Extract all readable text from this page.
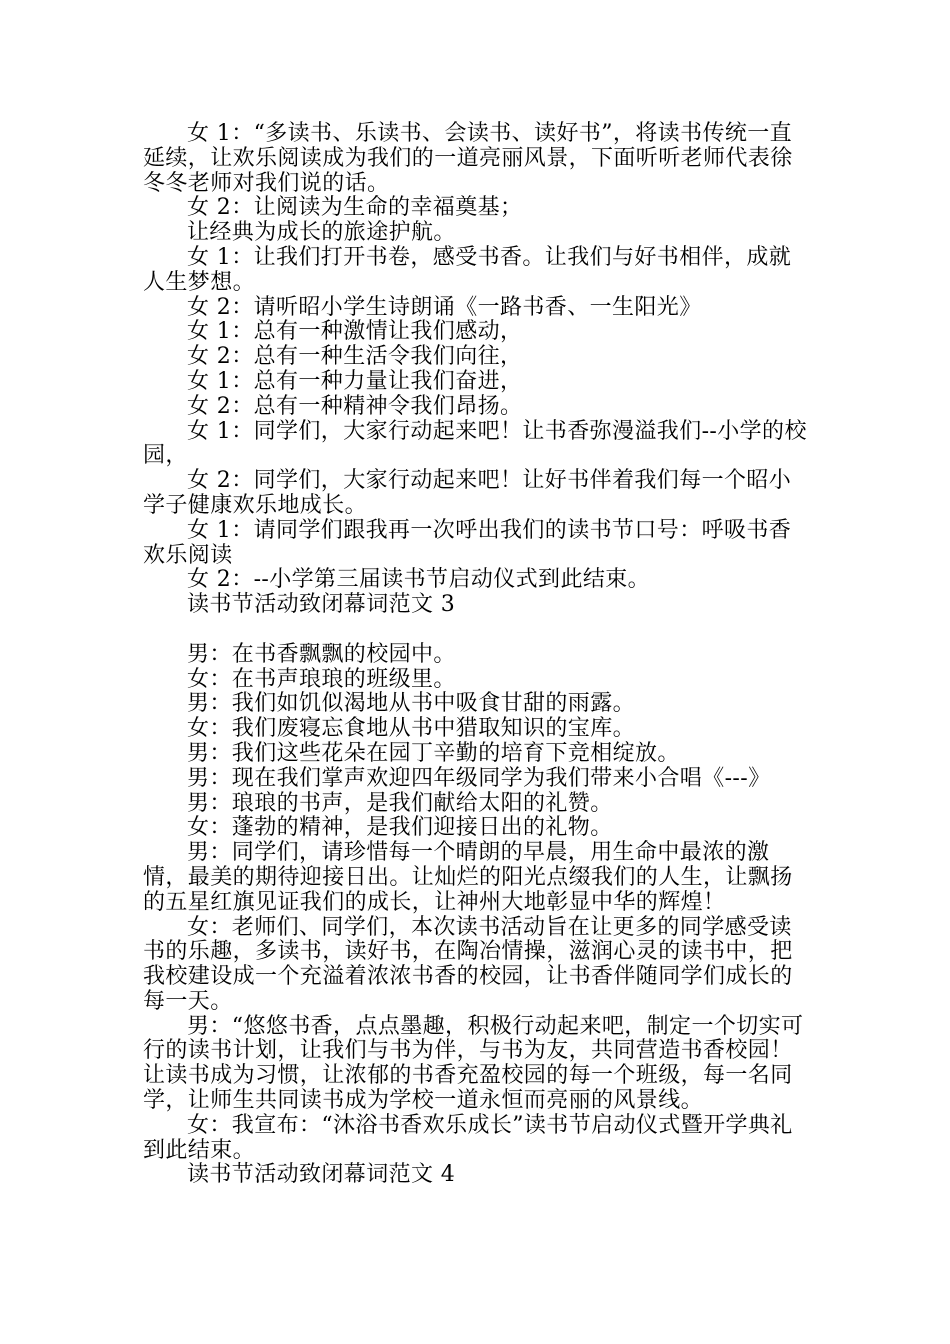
女 1：“多读书、乐读书、会读书、读好书”，将读书传统一直延续，让欢乐阅读成为我们的一道亮丽风景，下面听听老师代表徐冬冬老师对我们说的话。

女 2：让阅读为生命的幸福奠基；

让经典为成长的旅途护航。

女 1：让我们打开书卷，感受书香。让我们与好书相伴，成就人生梦想。

女 2：请听昭小学生诗朗诵《一路书香、一生阳光》

女 1：总有一种激情让我们感动，

女 2：总有一种生活令我们向往，

女 1：总有一种力量让我们奋进，

女 2：总有一种精神令我们昂扬。

女 1：同学们，大家行动起来吧！让书香弥漫溢我们--小学的校园，

女 2：同学们，大家行动起来吧！让好书伴着我们每一个昭小学子健康欢乐地成长。

女 1：请同学们跟我再一次呼出我们的读书节口号：呼吸书香欢乐阅读

女 2：--小学第三届读书节启动仪式到此结束。

读书节活动致闭幕词范文 3

男：在书香飘飘的校园中。

女：在书声琅琅的班级里。

男：我们如饥似渴地从书中吸食甘甜的雨露。

女：我们废寝忘食地从书中猎取知识的宝库。

男：我们这些花朵在园丁辛勤的培育下竞相绽放。

男：现在我们掌声欢迎四年级同学为我们带来小合唱《---》

男：琅琅的书声，是我们献给太阳的礼赞。

女：蓬勃的精神，是我们迎接日出的礼物。

男：同学们，请珍惜每一个晴朗的早晨，用生命中最浓的激情，最美的期待迎接日出。让灿烂的阳光点缀我们的人生，让飘扬的五星红旗见证我们的成长，让神州大地彰显中华的辉煌！

女：老师们、同学们，本次读书活动旨在让更多的同学感受读书的乐趣，多读书，读好书，在陶冶情操，滋润心灵的读书中，把我校建设成一个充溢着浓浓书香的校园，让书香伴随同学们成长的每一天。

男：“悠悠书香，点点墨趣，积极行动起来吧，制定一个切实可行的读书计划，让我们与书为伴，与书为友，共同营造书香校园！让读书成为习惯，让浓郁的书香充盈校园的每一个班级，每一名同学，让师生共同读书成为学校一道永恒而亮丽的风景线。

女：我宣布：“沐浴书香欢乐成长”读书节启动仪式暨开学典礼到此结束。

读书节活动致闭幕词范文 4
